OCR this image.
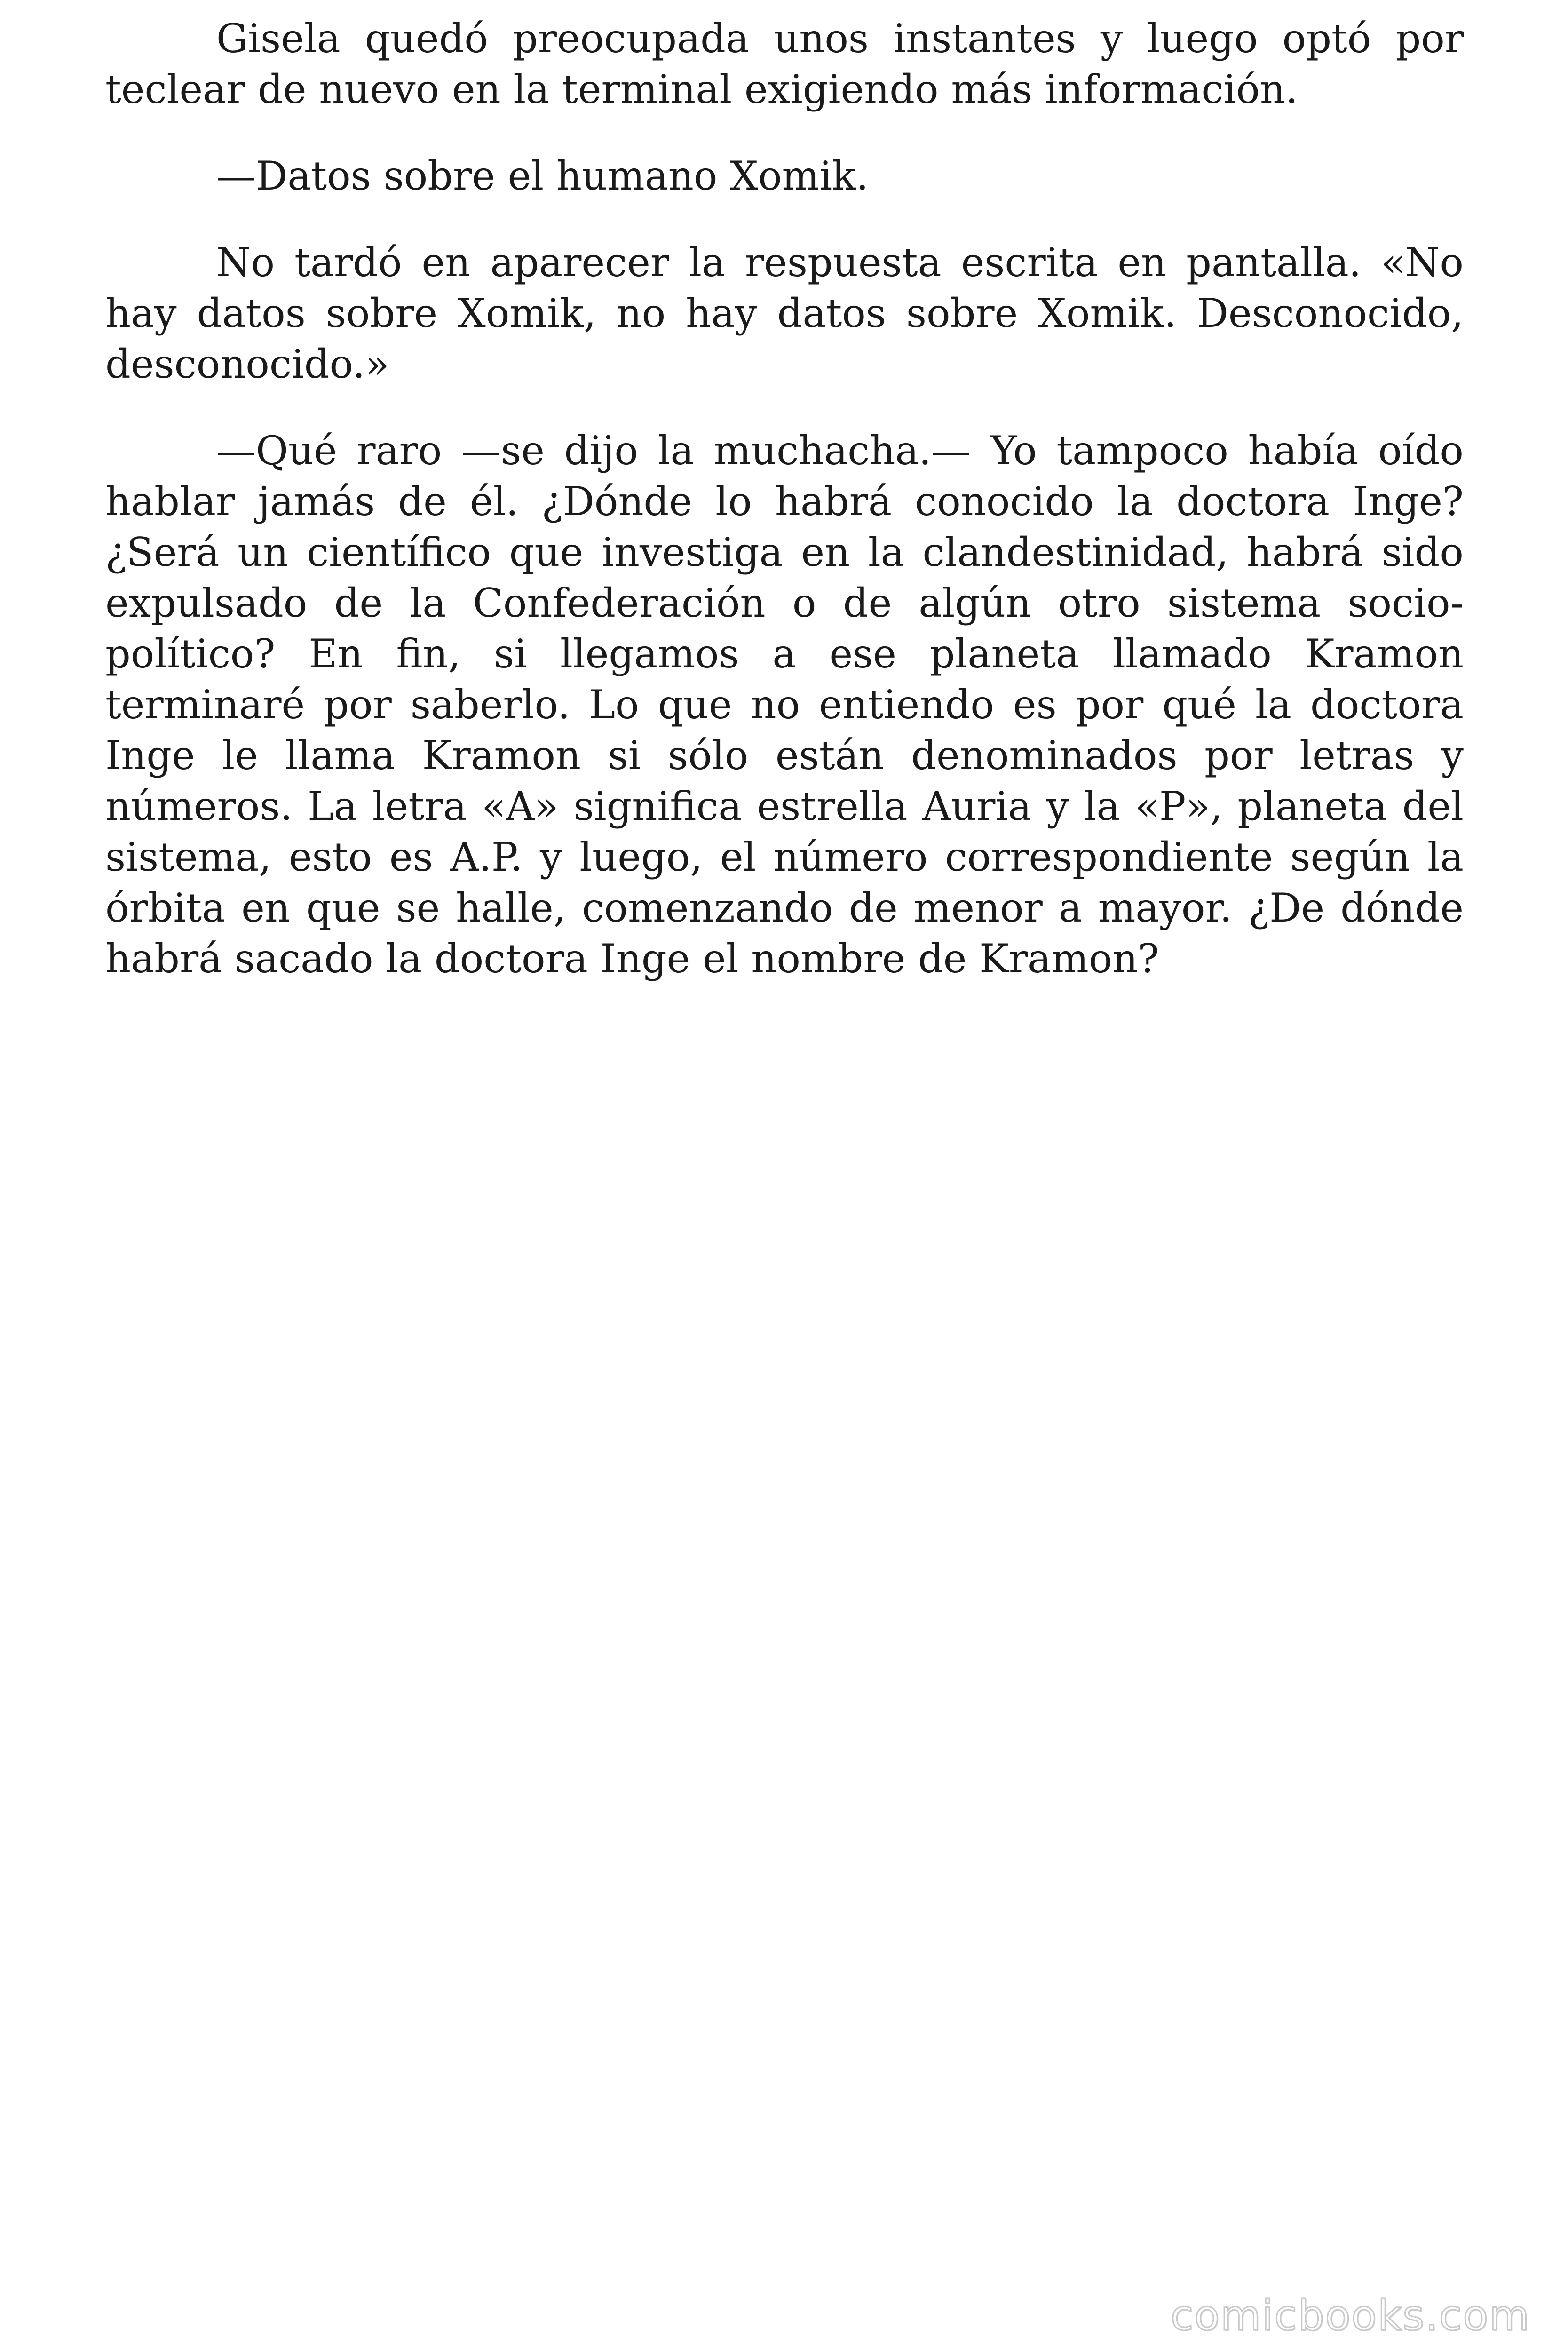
Gisela quedó preocupada unos instantes y luego optó por teclear de nuevo en la terminal exigiendo más información.

—Datos sobre el humano Xomik.

No tardó en aparecer la respuesta escrita en pantalla. «No hay datos sobre Xomik, no hay datos sobre Xomik. Desconocido, desconocido.»

—Qué raro —se dijo la muchacha.— Yo tampoco había oído hablar jamás de él. ¿Dónde lo habrá conocido la doctora Inge? ¿Será un científico que investiga en la clandestinidad, habrá sido expulsado de la Confederación o de algún otro sistema socio-político? En fin, si llegamos a ese planeta llamado Kramon terminaré por saberlo. Lo que no entiendo es por qué la doctora Inge le llama Kramon si sólo están denominados por letras y números. La letra «A» significa estrella Auria y la «P», planeta del sistema, esto es A.P. y luego, el número correspondiente según la órbita en que se halle, comenzando de menor a mayor. ¿De dónde habrá sacado la doctora Inge el nombre de Kramon?

comicbooks.com
